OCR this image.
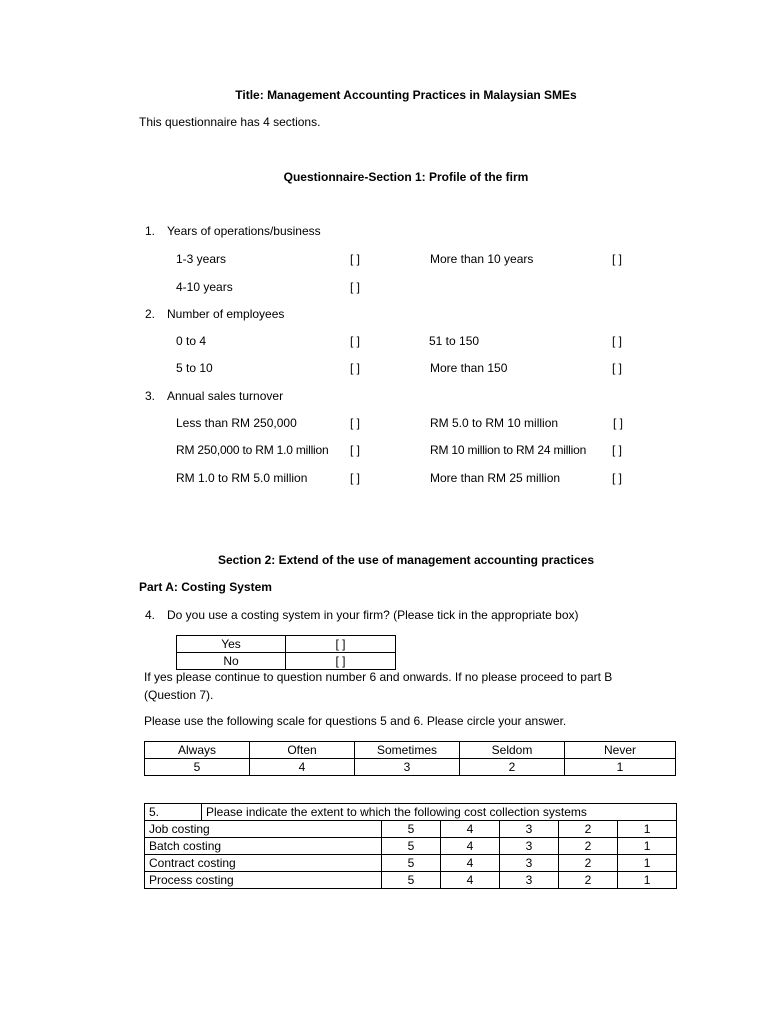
Title: Management Accounting Practices in Malaysian SMEs
This questionnaire has 4 sections.
Questionnaire-Section 1: Profile of the firm
1. Years of operations/business
1-3 years	[ ]	More than 10 years	[ ]
4-10 years	[ ]
2. Number of employees
0 to 4	[ ]	51 to 150	[ ]
5 to 10	[ ]	More than 150	[ ]
3. Annual sales turnover
Less than RM 250,000	[ ]	RM 5.0 to RM 10 million	[ ]
RM 250,000 to RM 1.0 million [ ]	RM 10 million to RM 24 million [ ]
RM 1.0 to RM 5.0 million	[ ]	More than RM 25 million	[ ]
Section 2: Extend of the use of management accounting practices
Part A: Costing System
4. Do you use a costing system in your firm? (Please tick in the appropriate box)
Yes	[ ]
No	[ ]
If yes please continue to question number 6 and onwards. If no please proceed to part B
(Question 7).
Please use the following scale for questions 5 and 6. Please circle your answer.
Always	Often	Sometimes	Seldom	Never
5	4	3	2	1
5.	Please indicate the extent to which the following cost collection systems					
Job costing		5	4	3	2	1
Batch costing		5	4	3	2	1
Contract costing		5	4	3	2	1
Process costing		5	4	3	2	1
